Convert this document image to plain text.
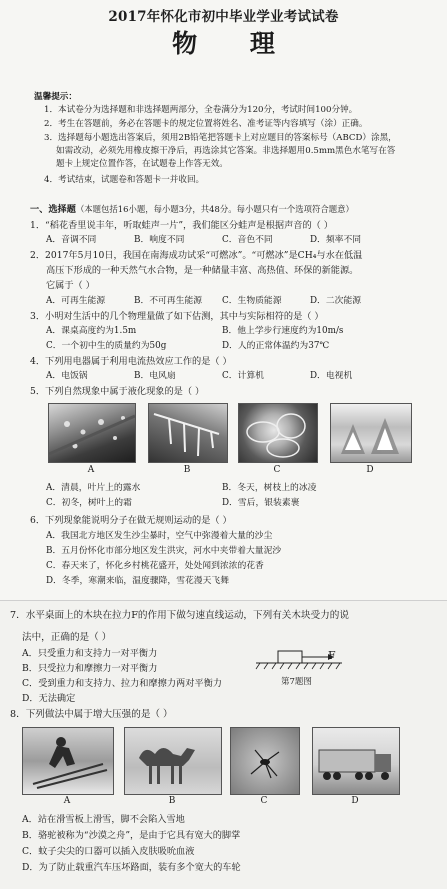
2017年怀化市初中毕业学业考试试卷
物 理
温馨提示：
1．本试卷分为选择题和非选择题两部分，全卷满分为120分，考试时间100分钟。
2．考生在答题前，务必在答题卡的规定位置将姓名、准考证等内容填写（涂）正确。
3．选择题每小题选出答案后，须用2B铅笔把答题卡上对应题目的答案标号（ABCD）涂黑，
如需改动，必须先用橡皮擦干净后，再选涂其它答案。非选择题用0.5mm黑色水笔写在答
题卡上规定位置作答，在试题卷上作答无效。
4．考试结束，试题卷和答题卡一并收回。
一、选择题（本题包括16小题，每小题3分，共48分。每小题只有一个选项符合题意）
1．“稻花香里说丰年，听取蛙声一片”，我们能区分蛙声是根据声音的（ ）
A．音调不同	B．响度不同	C．音色不同	D．频率不同
2．2017年5月10日，我国在南海成功试采“可燃冰”。“可燃冰”是CH₄与水在低温
高压下形成的一种天然气水合物，是一种储量丰富、高热值、环保的新能源。
它属于（ ）
A．可再生能源	B．不可再生能源	C．生物质能源	D．二次能源
3．小明对生活中的几个物理量做了如下估测，其中与实际相符的是（ ）
A．课桌高度约为1.5m	B．他上学步行速度约为10m/s
C．一个初中生的质量约为50g	D．人的正常体温约为37℃
4．下列用电器属于利用电流热效应工作的是（ ）
A．电饭锅	B．电风扇	C．计算机	D．电视机
5．下列自然现象中属于液化现象的是（ ）
A	B	C	D
A．清晨，叶片上的露水	B．冬天，树枝上的冰凌
C．初冬，树叶上的霜	D．雪后，银装素裹
6．下列现象能说明分子在做无规则运动的是（ ）
A．我国北方地区发生沙尘暴时，空气中弥漫着大量的沙尘
B．五月份怀化市部分地区发生洪灾，河水中夹带着大量泥沙
C．春天来了，怀化乡村桃花盛开，处处闻到浓浓的花香
D．冬季，寒潮来临，温度骤降，雪花漫天飞舞
7．水平桌面上的木块在拉力F的作用下做匀速直线运动，下列有关木块受力的说
法中，正确的是（ ）
A．只受重力和支持力一对平衡力
B．只受拉力和摩擦力一对平衡力
C．受到重力和支持力、拉力和摩擦力两对平衡力
D．无法确定
F
第7题图
8．下列做法中属于增大压强的是（ ）
A	B	C	D
A．站在滑雪板上滑雪，脚不会陷入雪地
B．骆驼被称为“沙漠之舟”，是由于它具有宽大的脚掌
C．蚊子尖尖的口器可以插入皮肤吸吮血液
D．为了防止载重汽车压坏路面，装有多个宽大的车轮
